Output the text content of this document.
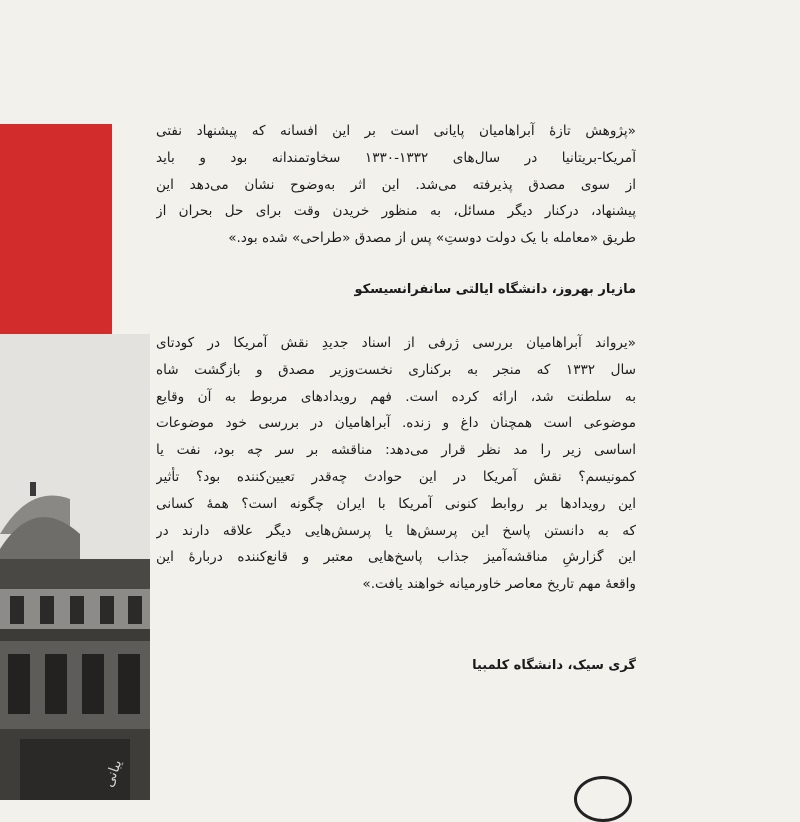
یبانی
«پژوهش تازهٔ آبراهامیان پایانی است بر این افسانه که پیشنهاد نفتی
آمریکا-بریتانیا در سال‌های ۱۳۳۲-۱۳۳۰ سخاوتمندانه بود و باید
از سوی مصدق پذیرفته می‌شد. این اثر به‌وضوح نشان می‌دهد این
پیشنهاد، درکنار دیگر مسائل، به منظور خریدن وقت برای حل بحران از
طریق «معامله با یک دولت دوستِ» پس از مصدق «طراحی» شده بود.»
مازیار بهروز، دانشگاه ایالتی سانفرانسیسکو
«یرواند آبراهامیان بررسی ژرفی از اسناد جدیدِ نقش آمریکا در کودتای
سال ۱۳۳۲ که منجر به برکناری نخست‌وزیر مصدق و بازگشت شاه
به سلطنت شد، ارائه کرده است. فهم رویدادهای مربوط به آن وقایع
موضوعی است همچنان داغ و زنده. آبراهامیان در بررسی خود موضوعات
اساسی زیر را مد نظر قرار می‌دهد: مناقشه بر سر چه بود، نفت یا
کمونیسم؟ نقش آمریکا در این حوادث چه‌قدر تعیین‌کننده بود؟ تأثیر
این رویدادها بر روابط کنونی آمریکا با ایران چگونه است؟ همهٔ کسانی
که به دانستن پاسخ این پرسش‌ها یا پرسش‌هایی دیگر علاقه دارند در
این گزارشِ مناقشه‌آمیز جذاب پاسخ‌هایی معتبر و قانع‌کننده دربارهٔ این
واقعهٔ مهم تاریخ معاصر خاورمیانه خواهند یافت.»
گری سیک، دانشگاه کلمبیا
